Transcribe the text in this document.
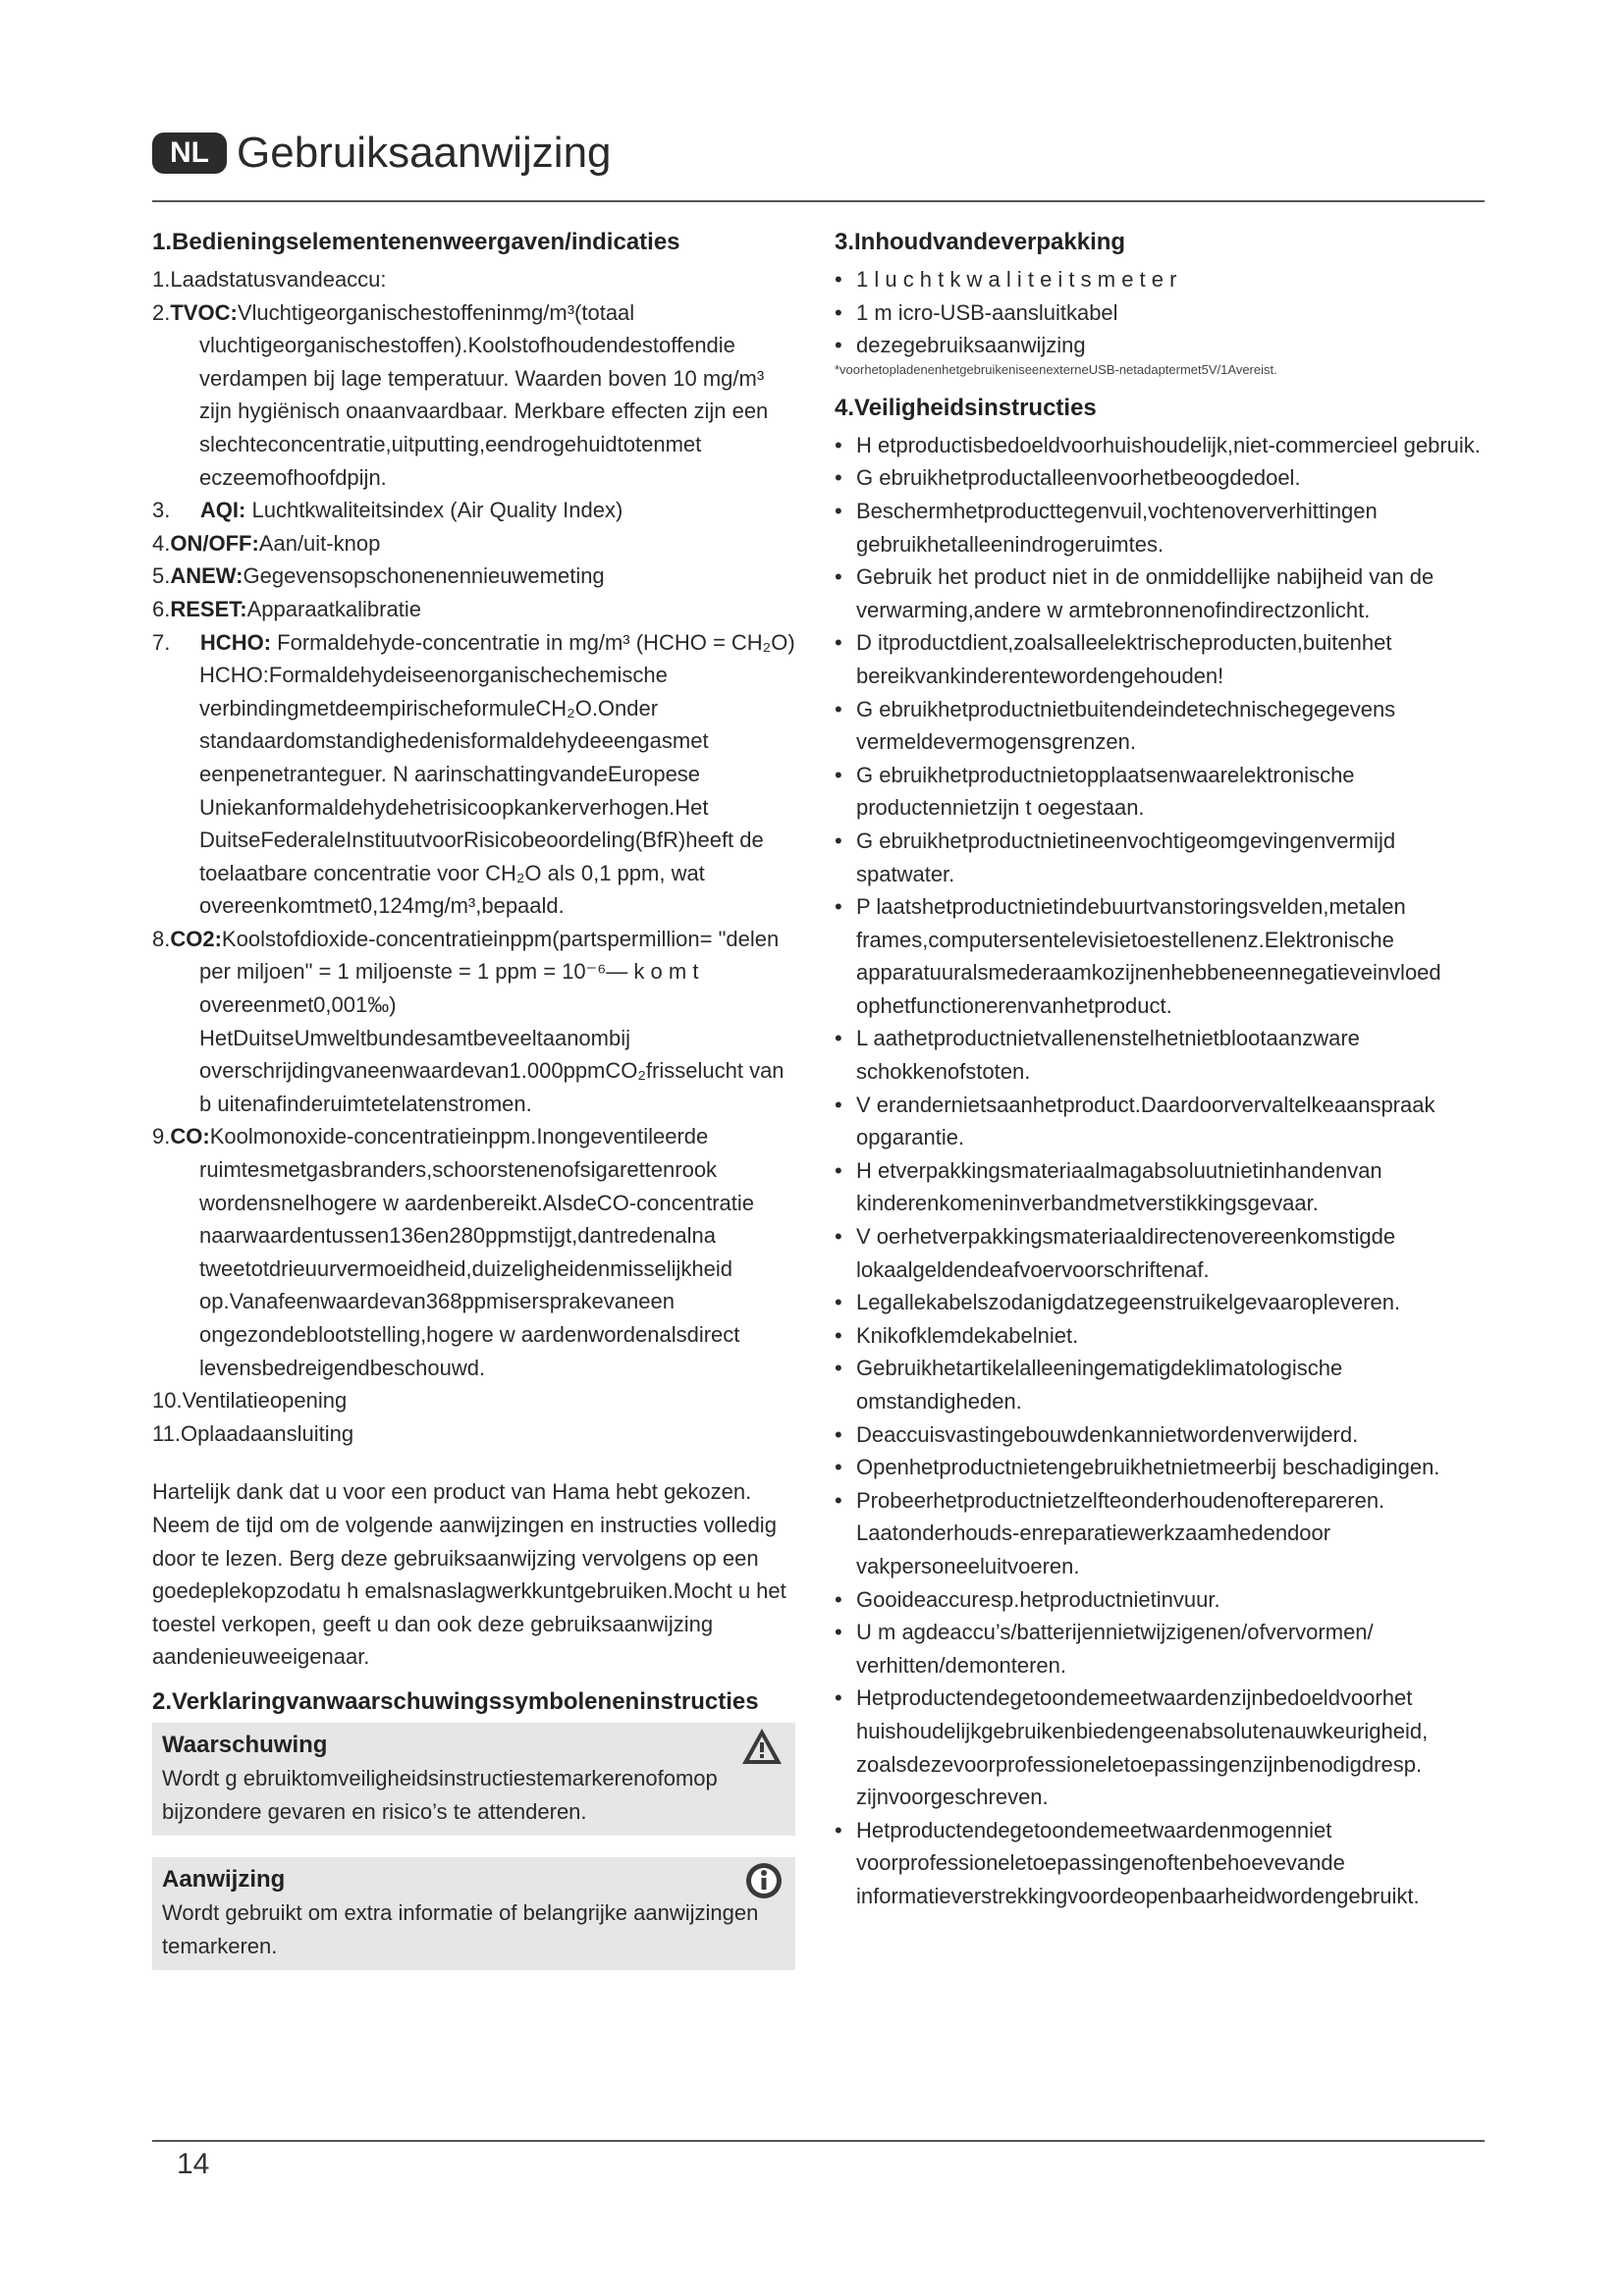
NL Gebruiksaanwijzing
1.Bedieningselementenenweergaven/indicaties

1.Laadstatusvandeaccu:

2.TVOC:Vluchtigeorganischestoffeninmg/m³(totaal vluchtigeorganischestoffen).Koolstofhoudendestoffendie verdampen bij lage temperatuur. Waarden boven 10 mg/m³ zijn hygiënisch onaanvaardbaar. Merkbare effecten zijn een slechteconcentratie,uitputting,eendrogehuidtotenmet eczeemofhoofdpijn.

3. AQI: Luchtkwaliteitsindex (Air Quality Index)

4.ON/OFF:Aan/uit-knop

5.ANEW:Gegevensopschonenennieuwemeting

6.RESET:Apparaatkalibratie

7. HCHO: Formaldehyde-concentratie in mg/m³ (HCHO = CH₂O) HCHO:Formaldehydeiseenorganischechemische verbindingmetdeempirischeformuleCH₂O.Onder standaardomstandighedenisformaldehydeeengasmet eenpenetranteguer. N aarinschattingvandeEuropese Uniekanformaldehydehetrisicoopkankerverhogen.Het DuitseFederaleInstituutvoorRisicobeoordeling(BfR)heeft de toelaatbare concentratie voor CH₂O als 0,1 ppm, wat overeenkomtmet0,124mg/m³,bepaald.

8.CO2:Koolstofdioxide-concentratieinppm(partspermillion= "delen per miljoen" = 1 miljoenste = 1 ppm = 10⁻⁶— k o m t overeenmet0,001‰) HetDuitseUmweltbundesamtbeveeltaanombij overschrijdingvaneenwaardevan1.000ppmCO₂frisselucht van b uitenafinderuimtetelatenstromen.

9.CO:Koolmonoxide-concentratieinppm.Inongeventileerde ruimtesmetgasbranders,schoorstenenofsigarettenrook wordensnelhogere w aardenbereikt.AlsdeCO-concentratie naarwaardentussen136en280ppmstijgt,dantredenalna tweetotdrieuurvermoeidheid,duizeligheidenmisselijkheid op.Vanafeenwaardevan368ppmisersprakevaneen ongezondeblootstelling,hogere w aardenwordenalsdirect levensbedreigendbeschouwd.

10.Ventilatieopening

11.Oplaadaansluiting

Hartelijk dank dat u voor een product van Hama hebt gekozen. Neem de tijd om de volgende aanwijzingen en instructies volledig door te lezen. Berg deze gebruiksaanwijzing vervolgens op een goedeplekopzodatu h emalsnaslagwerkkuntgebruiken.Mocht u het toestel verkopen, geeft u dan ook deze gebruiksaanwijzing aandenieuweeigenaar.

2.Verklaringvanwaarschuwingssymboleneninstructies
Waarschuwing
Wordt g ebruiktomveiligheidsinstructiestemarkerenofomop bijzondere gevaren en risico’s te attenderen.
Aanwijzing
Wordt gebruikt om extra informatie of belangrijke aanwijzingen temarkeren.
3.Inhoudvandeverpakking
• 1 l u c h t k w a l i t e i t s m e t e r
• 1 m icro-USB-aansluitkabel
• dezegebruiksaanwijzing

*voorhetopladenenhetgebruikeniseenexterneUSB-netadaptermet5V/1Avereist.

4.Veiligheidsinstructies
• H etproductisbedoeldvoorhuishoudelijk,niet-commercieel gebruik.
• G ebruikhetproductalleenvoorhetbeoogdedoel.
• Beschermhetproducttegenvuil,vochtenoververhittingen gebruikhetalleenindrogeruimtes.
• Gebruik het product niet in de onmiddellijke nabijheid van de verwarming,andere w armtebronnenofindirectzonlicht.
• D itproductdient,zoalsalleelektrischeproducten,buitenhet bereikvankinderentewordengehouden!
• G ebruikhetproductnietbuitendeindetechnischegegevens vermeldevermogensgrenzen.
• G ebruikhetproductnietopplaatsenwaarelektronische productennietzijn t oegestaan.
• G ebruikhetproductnietineenvochtigeomgevingenvermijd spatwater.
• P laatshetproductnietindebuurtvanstoringsvelden,metalen frames,computersentelevisietoestellenenz.Elektronische apparatuuralsmederaamkozijnenhebbeneennegatieveinvloed ophetfunctionerenvanhetproduct.
• L aathetproductnietvallenenstelhetnietblootaanzware schokkenofstoten.
• V erandernietsaanhetproduct.Daardoorvervaltelkeaanspraak opgarantie.
• H etverpakkingsmateriaalmagabsoluutnietinhandenvan kinderenkomeninverbandmetverstikkingsgevaar.
• V oerhetverpakkingsmateriaaldirectenovereenkomstigde lokaalgeldendeafvoervoorschriftenaf.
• Legallekabelszodanigdatzegeenstruikelgevaaropleveren.
• Knikofklemdekabelniet.
• Gebruikhetartikelalleeningematigdeklimatologische omstandigheden.
• Deaccuisvastingebouwdenkannietwordenverwijderd.
• Openhetproductnietengebruikhetnietmeerbij beschadigingen.
• Probeerhetproductnietzelfteonderhoudenofterepareren. Laatonderhouds-enreparatiewerkzaamhedendoor vakpersoneeluitvoeren.
• Gooideaccuresp.hetproductnietinvuur.
• U m agdeaccu’s/batterijennietwijzigenen/ofvervormen/ verhitten/demonteren.
• Hetproductendegetoondemeetwaardenzijnbedoeldvoorhet huishoudelijkgebruikenbiedengeenabsolutenauwkeurigheid, zoalsdezevoorprofessioneletoepassingenzijnbenodigdresp. zijnvoorgeschreven.
• Hetproductendegetoondemeetwaardenmogenniet voorprofessioneletoepassingenoftenbehoevevande informatieverstrekkingvoordeopenbaarheidwordengebruikt.
14
